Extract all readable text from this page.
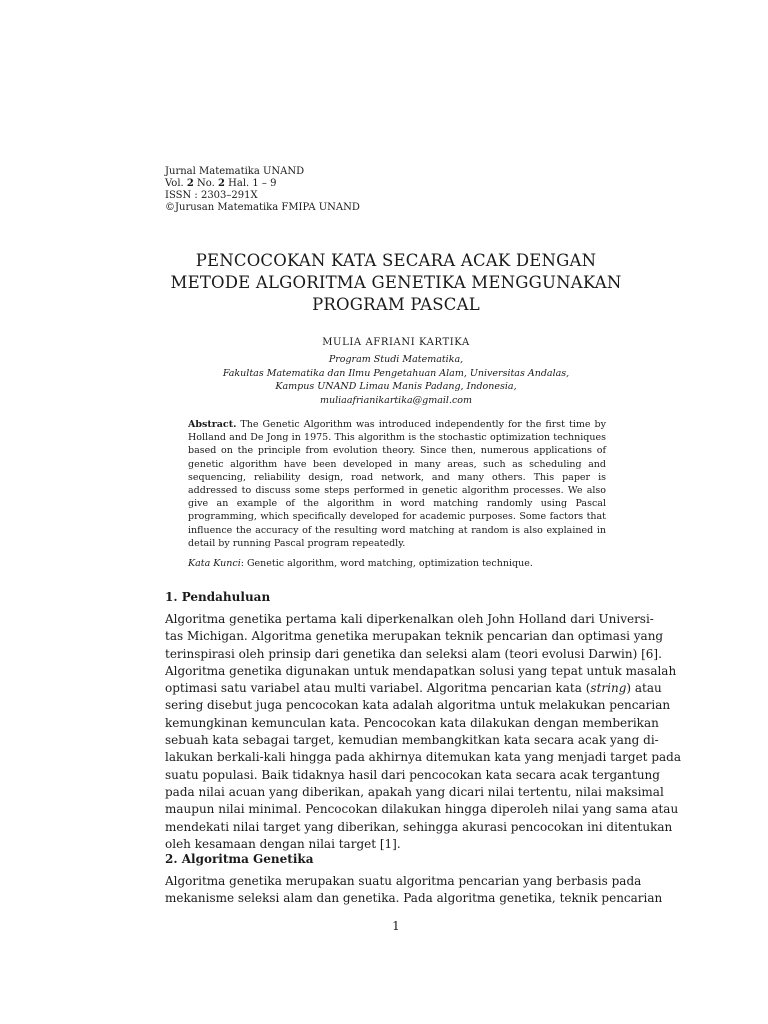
Jurnal Matematika UNAND
Vol. 2 No. 2 Hal. 1 – 9
ISSN : 2303–291X
©Jurusan Matematika FMIPA UNAND
PENCOCOKAN KATA SECARA ACAK DENGAN
METODE ALGORITMA GENETIKA MENGGUNAKAN
PROGRAM PASCAL
MULIA AFRIANI KARTIKA
Program Studi Matematika,
Fakultas Matematika dan Ilmu Pengetahuan Alam, Universitas Andalas,
Kampus UNAND Limau Manis Padang, Indonesia,
muliaafrianikartika@gmail.com
Abstract. The Genetic Algorithm was introduced independently for the first time by Holland and De Jong in 1975. This algorithm is the stochastic optimization techniques based on the principle from evolution theory. Since then, numerous applications of genetic algorithm have been developed in many areas, such as scheduling and sequencing, reliability design, road network, and many others. This paper is addressed to discuss some steps performed in genetic algorithm processes. We also give an example of the algorithm in word matching randomly using Pascal programming, which specifically developed for academic purposes. Some factors that influence the accuracy of the resulting word matching at random is also explained in detail by running Pascal program repeatedly.
Kata Kunci: Genetic algorithm, word matching, optimization technique.
1. Pendahuluan
Algoritma genetika pertama kali diperkenalkan oleh John Holland dari Universi-
tas Michigan. Algoritma genetika merupakan teknik pencarian dan optimasi yang
terinspirasi oleh prinsip dari genetika dan seleksi alam (teori evolusi Darwin) [6].
Algoritma genetika digunakan untuk mendapatkan solusi yang tepat untuk masalah
optimasi satu variabel atau multi variabel. Algoritma pencarian kata (string) atau
sering disebut juga pencocokan kata adalah algoritma untuk melakukan pencarian
kemungkinan kemunculan kata. Pencocokan kata dilakukan dengan memberikan
sebuah kata sebagai target, kemudian membangkitkan kata secara acak yang di-
lakukan berkali-kali hingga pada akhirnya ditemukan kata yang menjadi target pada
suatu populasi. Baik tidaknya hasil dari pencocokan kata secara acak tergantung
pada nilai acuan yang diberikan, apakah yang dicari nilai tertentu, nilai maksimal
maupun nilai minimal. Pencocokan dilakukan hingga diperoleh nilai yang sama atau
mendekati nilai target yang diberikan, sehingga akurasi pencocokan ini ditentukan
oleh kesamaan dengan nilai target [1].
2. Algoritma Genetika
Algoritma genetika merupakan suatu algoritma pencarian yang berbasis pada
mekanisme seleksi alam dan genetika. Pada algoritma genetika, teknik pencarian
1
